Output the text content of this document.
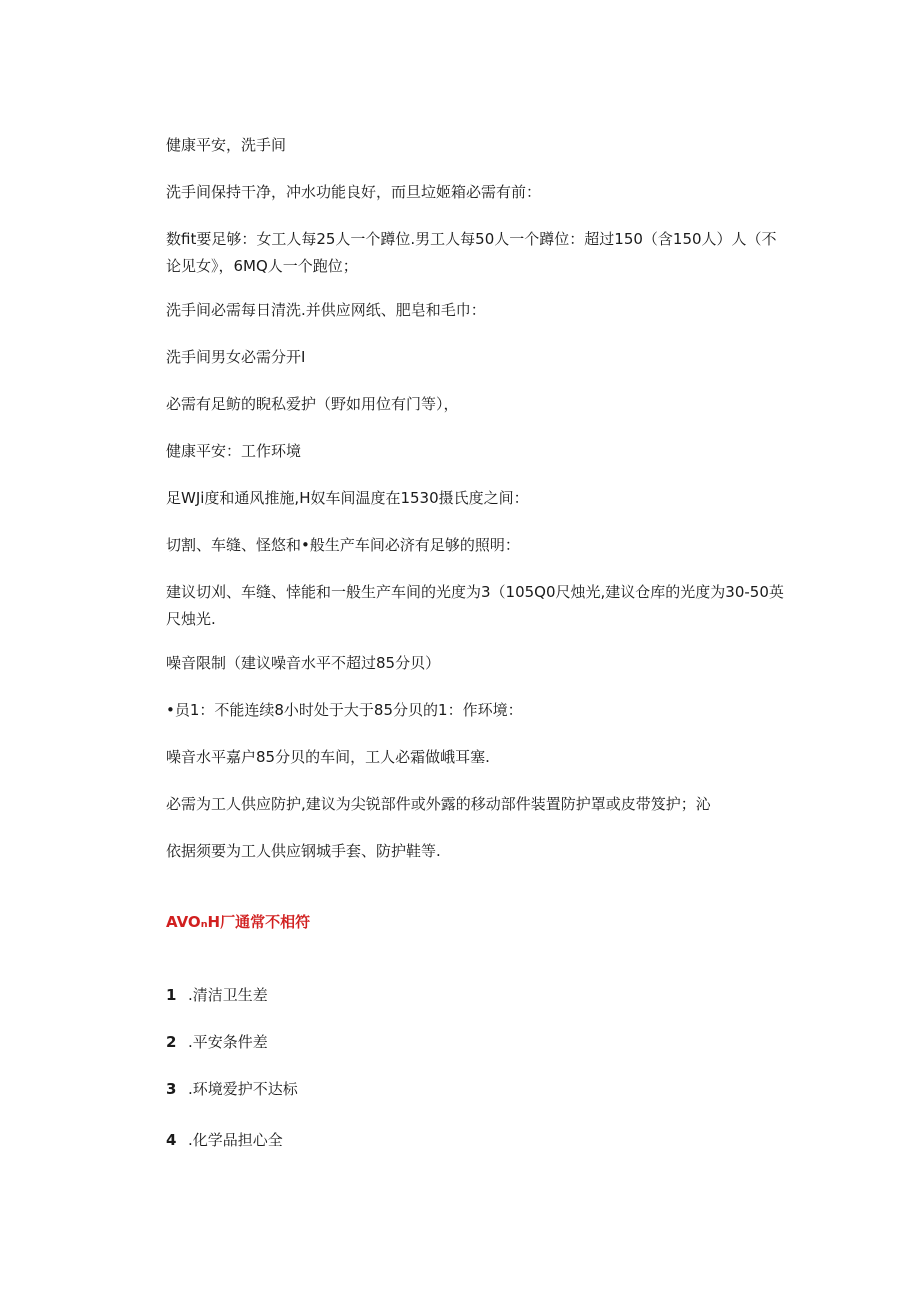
健康平安，洗手间
洗手间保持干净，冲水功能良好，而旦垃姬箱必需有前：
数fit要足够：女工人每25人一个蹲位.男工人每50人一个蹲位：超过150（含150人）人（不论见女》，6MQ人一个跑位；
洗手间必需每日清洗.并供应网纸、肥皂和毛巾：
洗手间男女必需分开I
必需有足鲂的睨私爱护（野如用位有门等），
健康平安：工作环境
足WJi度和通风推施,H奴车间温度在1530摄氏度之间：
切割、车缝、怪悠和•般生产车间必济有足够的照明：
建议切刈、车缝、悻能和一般生产车间的光度为3（105Q0尺烛光,建议仓库的光度为30-50英尺烛光.
噪音限制（建议噪音水平不超过85分贝）
•员1：不能连续8小时处于大于85分贝的1：作环境：
噪音水平嘉户85分贝的车间，工人必霜做峨耳塞.
必需为工人供应防护,建议为尖锐部件或外露的移动部件装置防护罩或皮带笈护；沁
依据须要为工人供应钢城手套、防护鞋等.
AVOₙH厂通常不相符
1 .清洁卫生差
2 .平安条件差
3 .环境爱护不达标
4 .化学品担心全
